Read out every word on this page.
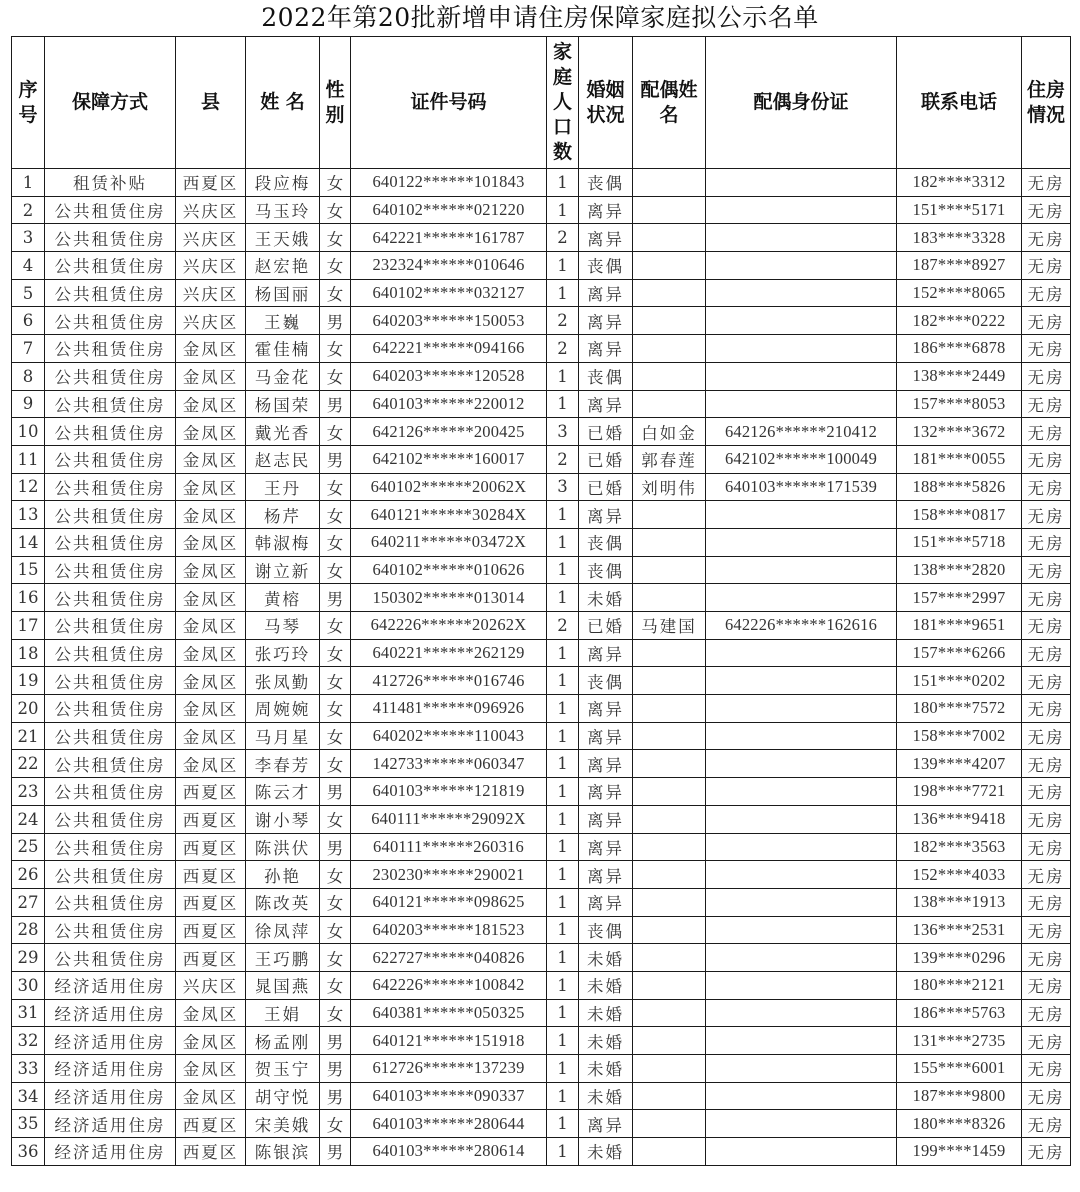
2022年第20批新增申请住房保障家庭拟公示名单
序号	保障方式	县	姓 名	性别	证件号码	家庭人口数	婚姻状况	配偶姓名	配偶身份证	联系电话	住房情况
1	租赁补贴	西夏区	段应梅	女	640122******101843	1	丧偶			182****3312	无房
2	公共租赁住房	兴庆区	马玉玲	女	640102******021220	1	离异			151****5171	无房
3	公共租赁住房	兴庆区	王天娥	女	642221******161787	2	离异			183****3328	无房
4	公共租赁住房	兴庆区	赵宏艳	女	232324******010646	1	丧偶			187****8927	无房
5	公共租赁住房	兴庆区	杨国丽	女	640102******032127	1	离异			152****8065	无房
6	公共租赁住房	兴庆区	王巍	男	640203******150053	2	离异			182****0222	无房
7	公共租赁住房	金凤区	霍佳楠	女	642221******094166	2	离异			186****6878	无房
8	公共租赁住房	金凤区	马金花	女	640203******120528	1	丧偶			138****2449	无房
9	公共租赁住房	金凤区	杨国荣	男	640103******220012	1	离异			157****8053	无房
10	公共租赁住房	金凤区	戴光香	女	642126******200425	3	已婚	白如金	642126******210412	132****3672	无房
11	公共租赁住房	金凤区	赵志民	男	642102******160017	2	已婚	郭春莲	642102******100049	181****0055	无房
12	公共租赁住房	金凤区	王丹	女	640102******20062X	3	已婚	刘明伟	640103******171539	188****5826	无房
13	公共租赁住房	金凤区	杨芹	女	640121******30284X	1	离异			158****0817	无房
14	公共租赁住房	金凤区	韩淑梅	女	640211******03472X	1	丧偶			151****5718	无房
15	公共租赁住房	金凤区	谢立新	女	640102******010626	1	丧偶			138****2820	无房
16	公共租赁住房	金凤区	黄榕	男	150302******013014	1	未婚			157****2997	无房
17	公共租赁住房	金凤区	马琴	女	642226******20262X	2	已婚	马建国	642226******162616	181****9651	无房
18	公共租赁住房	金凤区	张巧玲	女	640221******262129	1	离异			157****6266	无房
19	公共租赁住房	金凤区	张凤勤	女	412726******016746	1	丧偶			151****0202	无房
20	公共租赁住房	金凤区	周婉婉	女	411481******096926	1	离异			180****7572	无房
21	公共租赁住房	金凤区	马月星	女	640202******110043	1	离异			158****7002	无房
22	公共租赁住房	金凤区	李春芳	女	142733******060347	1	离异			139****4207	无房
23	公共租赁住房	西夏区	陈云才	男	640103******121819	1	离异			198****7721	无房
24	公共租赁住房	西夏区	谢小琴	女	640111******29092X	1	离异			136****9418	无房
25	公共租赁住房	西夏区	陈洪伏	男	640111******260316	1	离异			182****3563	无房
26	公共租赁住房	西夏区	孙艳	女	230230******290021	1	离异			152****4033	无房
27	公共租赁住房	西夏区	陈改英	女	640121******098625	1	离异			138****1913	无房
28	公共租赁住房	西夏区	徐凤萍	女	640203******181523	1	丧偶			136****2531	无房
29	公共租赁住房	西夏区	王巧鹏	女	622727******040826	1	未婚			139****0296	无房
30	经济适用住房	兴庆区	晁国燕	女	642226******100842	1	未婚			180****2121	无房
31	经济适用住房	金凤区	王娟	女	640381******050325	1	未婚			186****5763	无房
32	经济适用住房	金凤区	杨孟刚	男	640121******151918	1	未婚			131****2735	无房
33	经济适用住房	金凤区	贺玉宁	男	612726******137239	1	未婚			155****6001	无房
34	经济适用住房	金凤区	胡守悦	男	640103******090337	1	未婚			187****9800	无房
35	经济适用住房	西夏区	宋美娥	女	640103******280644	1	离异			180****8326	无房
36	经济适用住房	西夏区	陈银滨	男	640103******280614	1	未婚			199****1459	无房
